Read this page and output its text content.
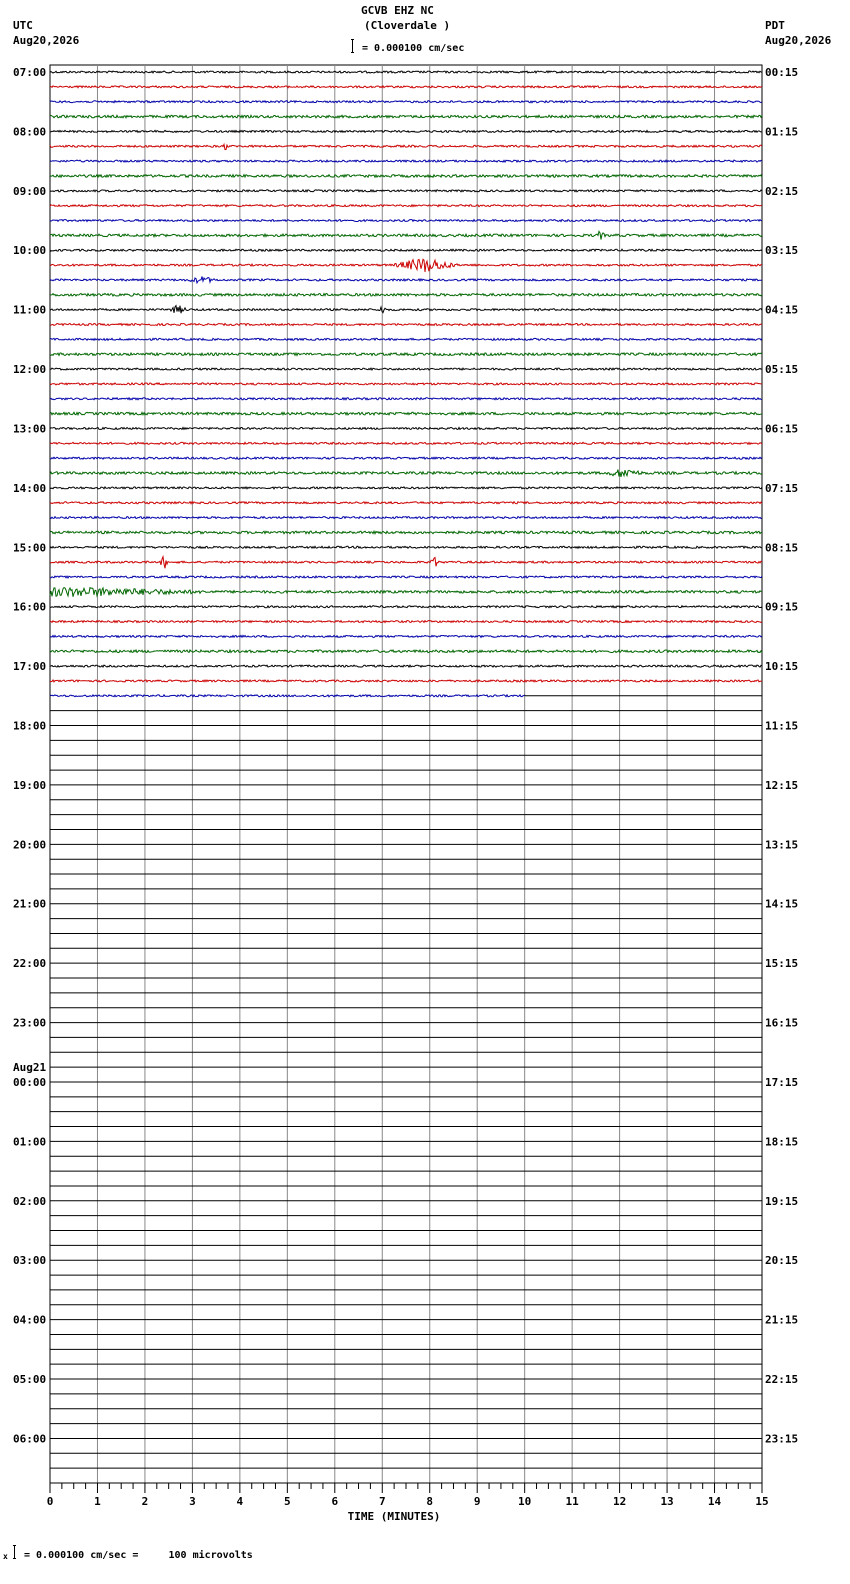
GCVB EHZ NC
(Cloverdale )
= 0.000100 cm/sec
UTC
Aug20,2026
PDT
Aug20,2026
07:00
08:00
09:00
10:00
11:00
12:00
13:00
14:00
15:00
16:00
17:00
18:00
19:00
20:00
21:00
22:00
23:00
00:00
Aug21
01:00
02:00
03:00
04:00
05:00
06:00
00:15
01:15
02:15
03:15
04:15
05:15
06:15
07:15
08:15
09:15
10:15
11:15
12:15
13:15
14:15
15:15
16:15
17:15
18:15
19:15
20:15
21:15
22:15
23:15
0	1	2	3	4	5	6	7	8	9	10	11	12	13	14	15
TIME (MINUTES)
x = 0.000100 cm/sec =     100 microvolts
